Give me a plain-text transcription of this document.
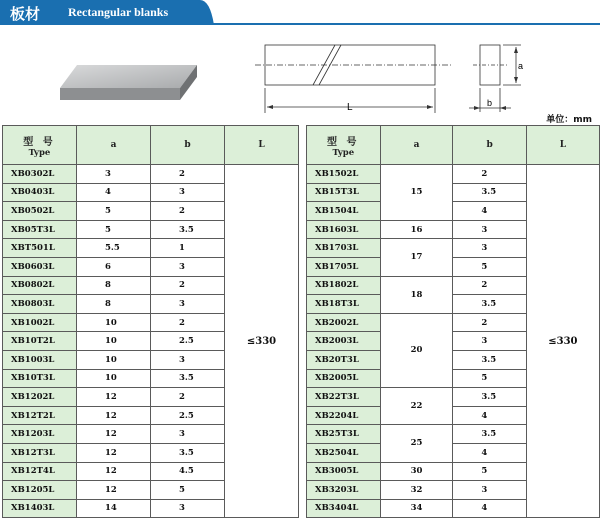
板材 Rectangular blanks
L
a
b
单位：mm
型 号
Type	a	b	L
XB0302L	3	2	≤330
XB0403L	4	3	
XB0502L	5	2	
XB05T3L	5	3.5	
XBT501L	5.5	1	
XB0603L	6	3	
XB0802L	8	2	
XB0803L	8	3	
XB1002L	10	2	
XB10T2L	10	2.5	
XB1003L	10	3	
XB10T3L	10	3.5	
XB1202L	12	2	
XB12T2L	12	2.5	
XB1203L	12	3	
XB12T3L	12	3.5	
XB12T4L	12	4.5	
XB1205L	12	5	
XB1403L	14	3	
型 号
Type	a	b	L
XB1502L	15	2	≤330
XB15T3L		3.5	
XB1504L		4	
XB1603L	16	3	
XB1703L	17	3	
XB1705L		5	
XB1802L	18	2	
XB18T3L		3.5	
XB2002L	20	2	
XB2003L		3	
XB20T3L		3.5	
XB2005L		5	
XB22T3L	22	3.5	
XB2204L		4	
XB25T3L	25	3.5	
XB2504L		4	
XB3005L	30	5	
XB3203L	32	3	
XB3404L	34	4	
